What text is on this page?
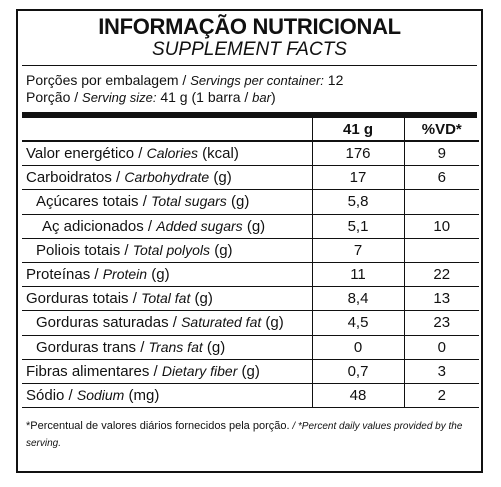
INFORMAÇÃO NUTRICIONAL
SUPPLEMENT FACTS
Porções por embalagem / Servings per container: 12
Porção / Serving size: 41 g (1 barra / bar)
	41 g	%VD*
Valor energético / Calories (kcal)	176	9
Carboidratos / Carbohydrate (g)	17	6
Açúcares totais / Total sugars (g)	5,8	
Aç adicionados / Added sugars (g)	5,1	10
Poliois totais / Total polyols (g)	7	
Proteínas / Protein (g)	11	22
Gorduras totais / Total fat (g)	8,4	13
Gorduras saturadas / Saturated fat (g)	4,5	23
Gorduras trans / Trans fat (g)	0	0
Fibras alimentares / Dietary fiber (g)	0,7	3
Sódio / Sodium (mg)	48	2
*Percentual de valores diários fornecidos pela porção. / *Percent daily values provided by the serving.
